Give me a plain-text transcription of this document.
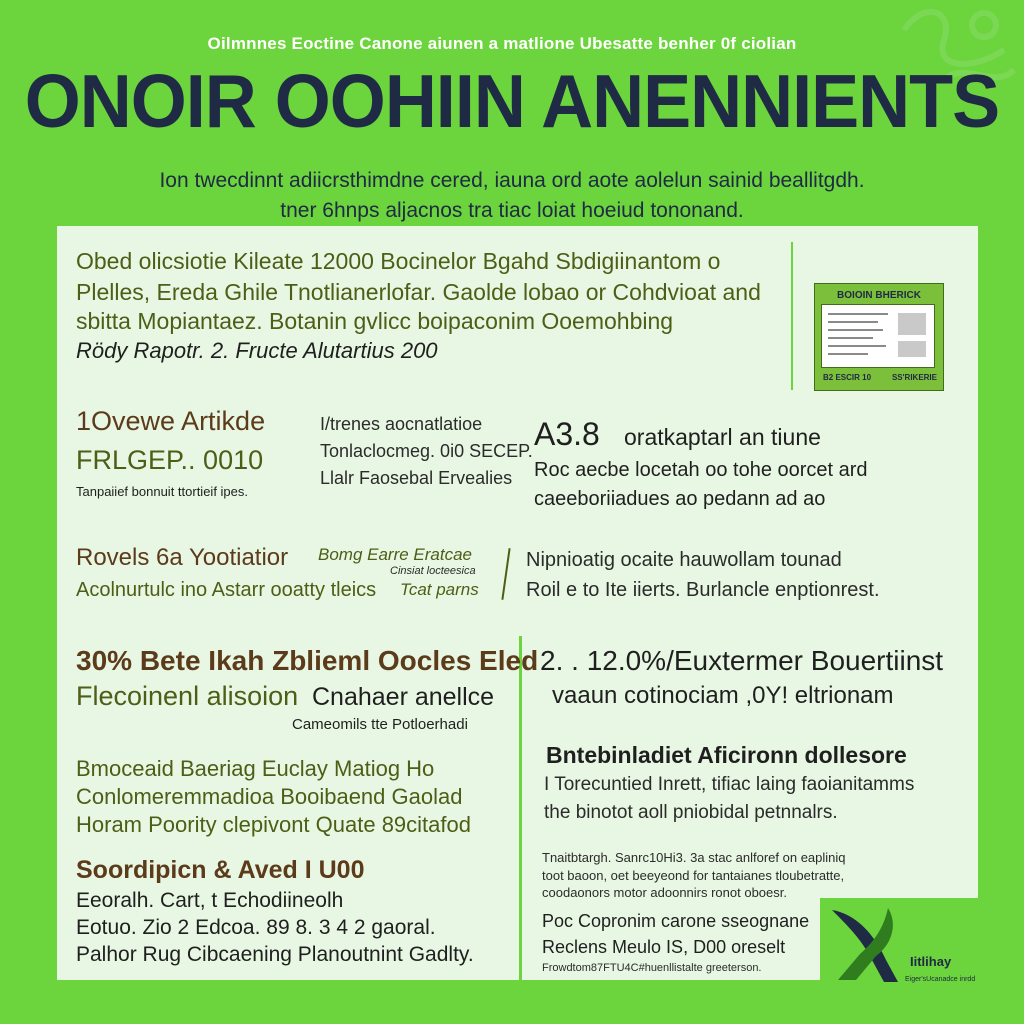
Oilmnnes Eoctine Canone aiunen a matlione Ubesatte benher 0f ciolian
ONOIR OOHIIN ANENNIENTS
Ion twecdinnt adiicrsthimdne cered, iauna ord aote aolelun sainid beallitgdh.
tner 6hnps aljacnos tra tiac loiat hoeiud tononand.
Obed olicsiotie Kileate 12000 Bocinelor Bgahd Sbdigiinantom o
Plelles, Ereda Ghile Tnotlianerlofar. Gaolde lobao or Cohdvioat and
sbitta Mopiantaez. Botanin gvlicc boipaconim Ooemohbing
Rödy Rapotr. 2. Fructe Alutartius 200
BOIOIN BHERICK
B2 ESCIR 10	SS'RIKERIE
1Ovewe Artikde
FRLGEP.. 0010
Tanpaiief bonnuit ttortieif ipes.
I/trenes aocnatlatioe
Tonlaclocmeg. 0i0 SECEP.
Llalr Faosebal Ervealies
A3.8 oratkaptarl an tiune
Roc aecbe locetah oo tohe oorcet ard
caeeboriiadues ao pedann ad ao
Rovels 6a Yootiatior
Acolnurtulc ino Astarr ooatty tleics
Bomg Earre Eratcae
Cinsiat locteesica
Tcat parns
Nipnioatig ocaite hauwollam tounad
Roil e to Ite iierts. Burlancle enptionrest.
30% Bete Ikah Zblieml Oocles Eled
Flecoinenl alisoion Cnahaer anellce
Cameomils tte Potloerhadi
Bmoceaid Baeriag Euclay Matiog Ho
Conlomeremmadioa Booibaend Gaolad
Horam Poority clepivont Quate 89citafod
Soordipicn & Aved I U00
Eeoralh. Cart, t Echodiineolh
Eotuo. Zio 2 Edcoa. 89 8. 3 4 2 gaoral.
Palhor Rug Cibcaening Planoutnint Gadlty.
2. . 12.0%/Euxtermer Bouertiinst
vaaun cotinociam ,0Y! eltrionam
Bntebinladiet Aficironn dollesore
I Torecuntied Inrett, tifiac laing faoianitamms
the binotot aoll pniobidal petnnalrs.
Tnaitbtargh. Sanrc10Hi3. 3a stac anlforef on eapliniq
toot baoon, oet beeyeond for tantaianes tloubetratte,
coodaonors motor adoonnirs ronot oboesr.
Poc Copronim carone sseognane
Reclens Meulo IS, D00 oreselt
Frowdtom87FTU4C#huenllistalte greeterson.	Iitlihay
Eiger'sUcanadce inrdd
